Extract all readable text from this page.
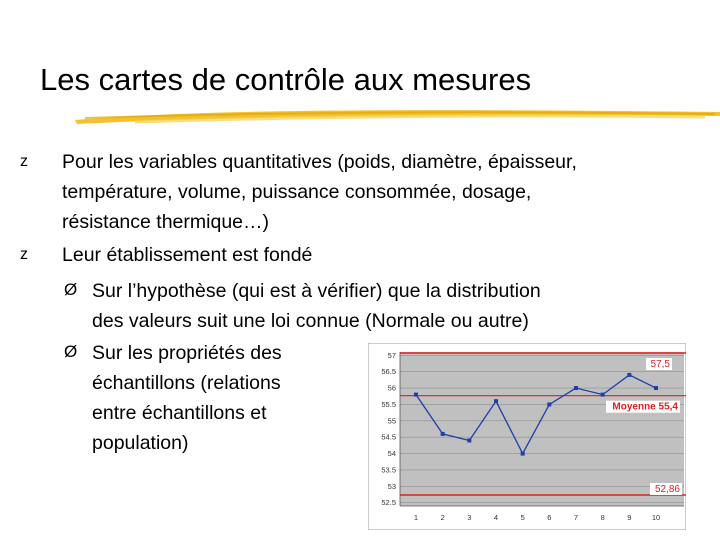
Les cartes de contrôle aux mesures
z Pour les variables quantitatives (poids, diamètre, épaisseur,
température, volume, puissance consommée, dosage,
résistance thermique…)
z Leur établissement est fondé
Ø Sur l’hypothèse (qui est à vérifier) que la distribution
des valeurs suit une loi connue (Normale ou autre)
Ø Sur les propriétés des
échantillons (relations
entre échantillons et
population)
57
56.5
56
55.5
55
54.5
54
53.5
53
52.5
1	2	3	4	5	6	7	8	9	10
57,5
Moyenne 55,4
52,86
